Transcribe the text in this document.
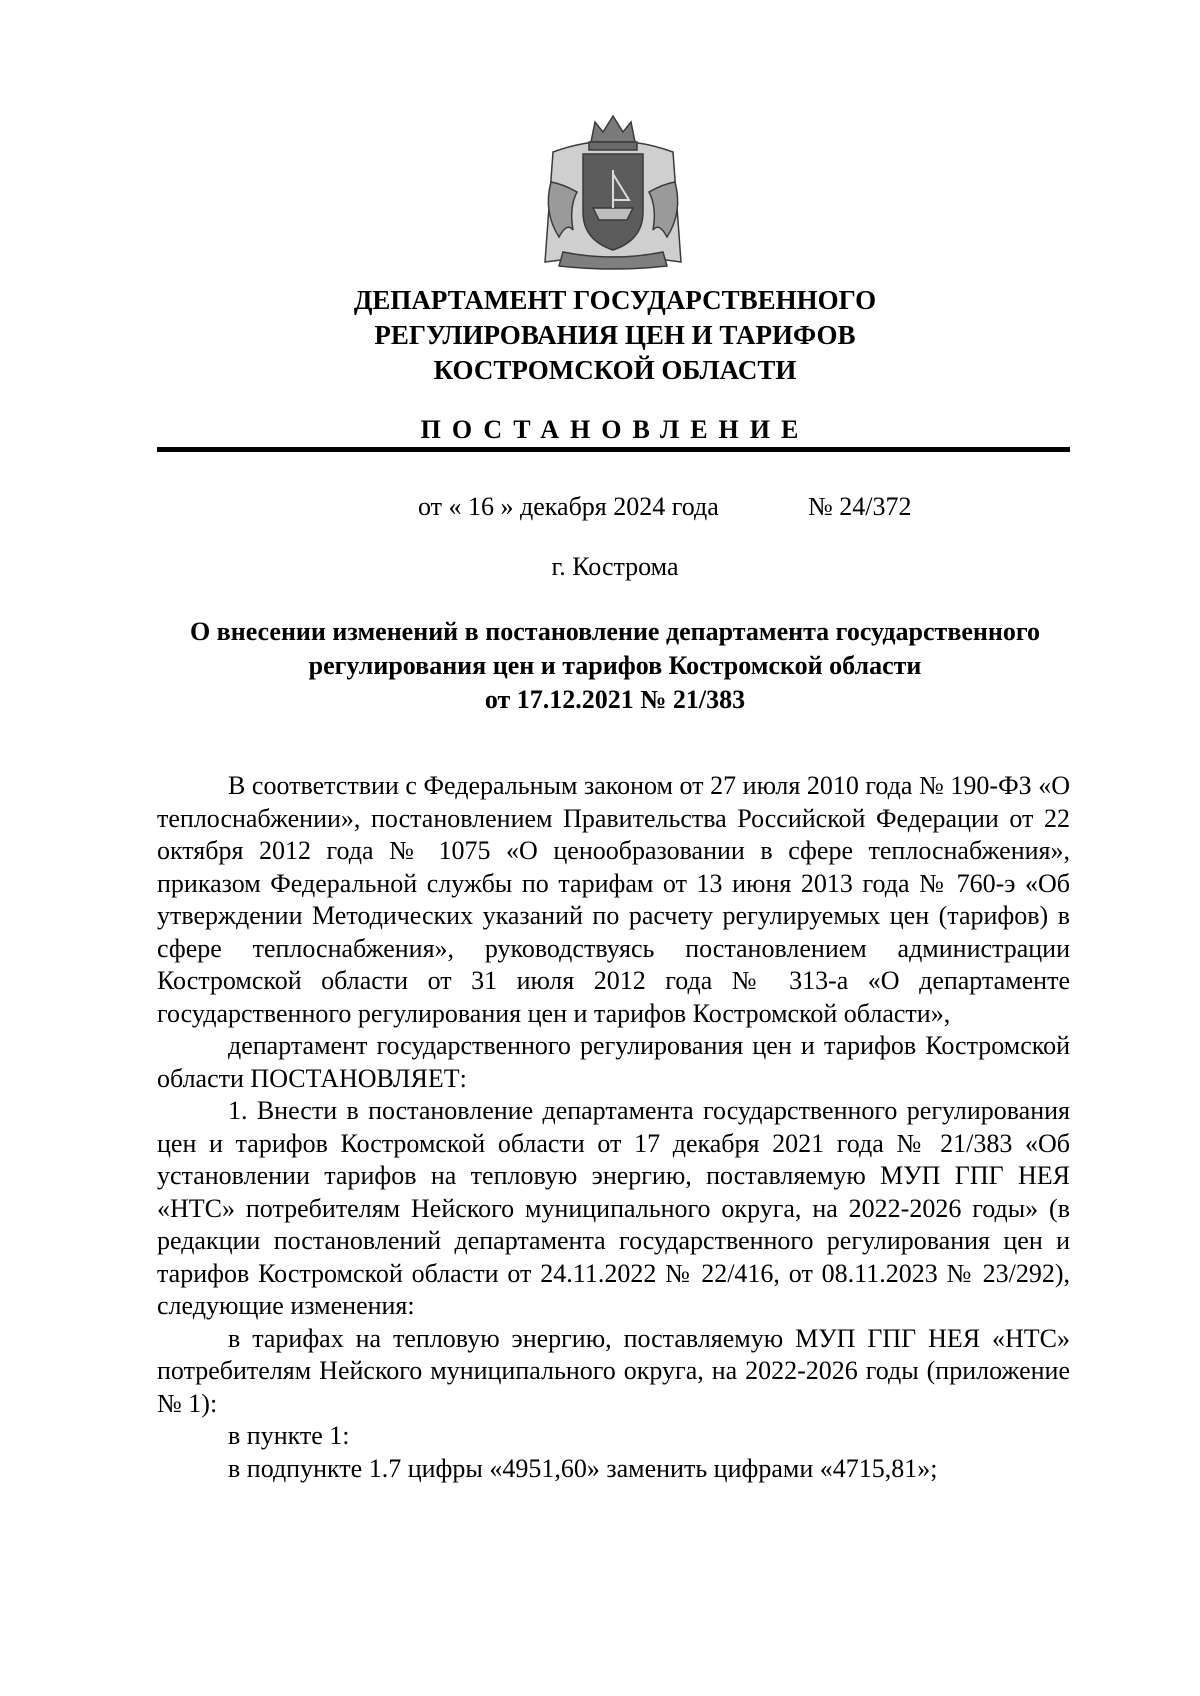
ДЕПАРТАМЕНТ ГОСУДАРСТВЕННОГО
РЕГУЛИРОВАНИЯ ЦЕН И ТАРИФОВ
КОСТРОМСКОЙ ОБЛАСТИ
ПОСТАНОВЛЕНИЕ
от « 16 » декабря 2024 года	№ 24/372
г. Кострома
О внесении изменений в постановление департамента государственного
регулирования цен и тарифов Костромской области
от 17.12.2021 № 21/383

В соответствии с Федеральным законом от 27 июля 2010 года № 190-ФЗ «О теплоснабжении», постановлением Правительства Российской Федерации от 22 октября 2012 года № 1075 «О ценообразовании в сфере теплоснабжения», приказом Федеральной службы по тарифам от 13 июня 2013 года № 760-э «Об утверждении Методических указаний по расчету регулируемых цен (тарифов) в сфере теплоснабжения», руководствуясь постановлением администрации Костромской области от 31 июля 2012 года № 313-а «О департаменте государственного регулирования цен и тарифов Костромской области»,

департамент государственного регулирования цен и тарифов Костромской области ПОСТАНОВЛЯЕТ:

1. Внести в постановление департамента государственного регулирования цен и тарифов Костромской области от 17 декабря 2021 года № 21/383 «Об установлении тарифов на тепловую энергию, поставляемую МУП ГПГ НЕЯ «НТС» потребителям Нейского муниципального округа, на 2022-2026 годы» (в редакции постановлений департамента государственного регулирования цен и тарифов Костромской области от 24.11.2022 № 22/416, от 08.11.2023 № 23/292), следующие изменения:

в тарифах на тепловую энергию, поставляемую МУП ГПГ НЕЯ «НТС» потребителям Нейского муниципального округа, на 2022-2026 годы (приложение № 1):

в пункте 1:

в подпункте 1.7 цифры «4951,60» заменить цифрами «4715,81»;
